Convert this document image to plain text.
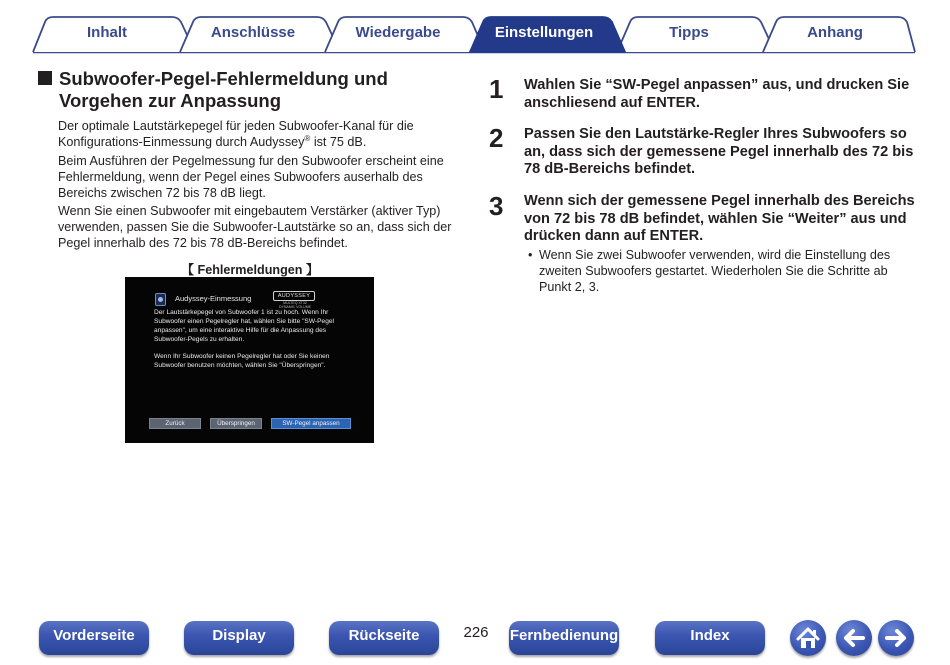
Inhalt	Anschlüsse	Wiedergabe	Einstellungen	Tipps	Anhang
Subwoofer-Pegel-Fehlermeldung und
Vorgehen zur Anpassung
Der optimale Lautstärkepegel für jeden Subwoofer-Kanal für die Konfigurations-Einmessung durch Audyssey® ist 75 dB.
Beim Ausführen der Pegelmessung fur den Subwoofer erscheint eine Fehlermeldung, wenn der Pegel eines Subwoofers auserhalb des Bereichs zwischen 72 bis 78 dB liegt.
Wenn Sie einen Subwoofer mit eingebautem Verstärker (aktiver Typ) verwenden, passen Sie die Subwoofer-Lautstärke so an, dass sich der Pegel innerhalb des 72 bis 78 dB-Bereichs befindet.
【 Fehlermeldungen 】
Audyssey-Einmessung	AUDYSSEY
MULTEQ XT32 DYNAMIC VOLUME
Der Lautstärkepegel von Subwoofer 1 ist zu hoch. Wenn Ihr Subwoofer einen Pegelregler hat, wählen Sie bitte "SW-Pegel anpassen", um eine interaktive Hilfe für die Anpassung des Subwoofer-Pegels zu erhalten.
Wenn Ihr Subwoofer keinen Pegelregler hat oder Sie keinen Subwoofer benutzen möchten, wählen Sie "Überspringen".
Zurück	Überspringen	SW-Pegel anpassen
1 Wahlen Sie “SW-Pegel anpassen” aus, und drucken Sie anschliesend auf ENTER.
2 Passen Sie den Lautstärke-Regler Ihres Subwoofers so an, dass sich der gemessene Pegel innerhalb des 72 bis 78 dB-Bereichs befindet.
3 Wenn sich der gemessene Pegel innerhalb des Bereichs von 72 bis 78 dB befindet, wählen Sie “Weiter” aus und drücken dann auf ENTER.
• Wenn Sie zwei Subwoofer verwenden, wird die Einstellung des zweiten Subwoofers gestartet. Wiederholen Sie die Schritte ab Punkt 2, 3.
Vorderseite	Display	Rückseite	226	Fernbedienung	Index
